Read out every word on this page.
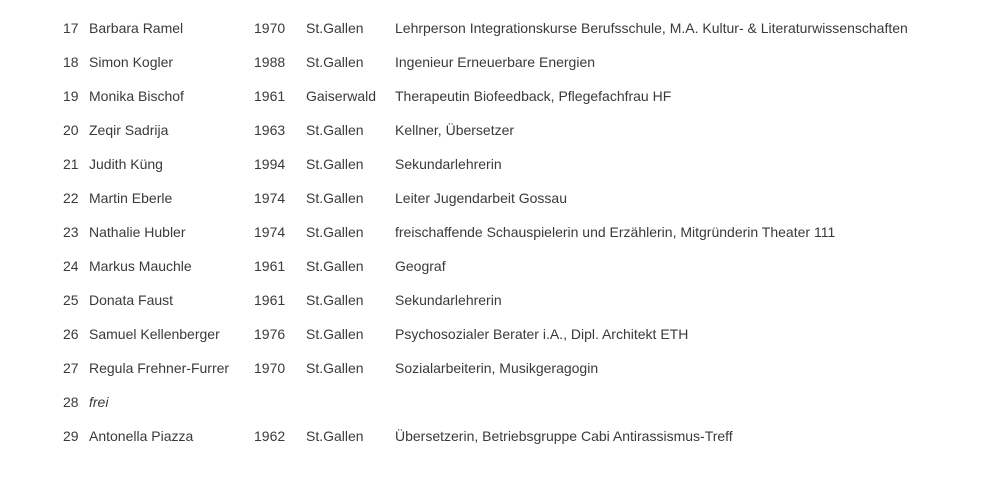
17 Barbara Ramel	1970 St.Gallen Lehrperson Integrationskurse Berufsschule, M.A. Kultur- & Literaturwissenschaften
18 Simon Kogler	1988 St.Gallen Ingenieur Erneuerbare Energien
19 Monika Bischof	1961 Gaiserwald Therapeutin Biofeedback, Pflegefachfrau HF
20 Zeqir Sadrija	1963 St.Gallen Kellner, Übersetzer
21 Judith Küng	1994 St.Gallen Sekundarlehrerin
22 Martin Eberle	1974 St.Gallen Leiter Jugendarbeit Gossau
23 Nathalie Hubler	1974 St.Gallen freischaffende Schauspielerin und Erzählerin, Mitgründerin Theater 111
24 Markus Mauchle	1961 St.Gallen Geograf
25 Donata Faust	1961 St.Gallen Sekundarlehrerin
26 Samuel Kellenberger 1976 St.Gallen Psychosozialer Berater i.A., Dipl. Architekt ETH
27 Regula Frehner-Furrer 1970 St.Gallen Sozialarbeiterin, Musikgeragogin
28 frei
29 Antonella Piazza	1962 St.Gallen Übersetzerin, Betriebsgruppe Cabi Antirassismus-Treff
